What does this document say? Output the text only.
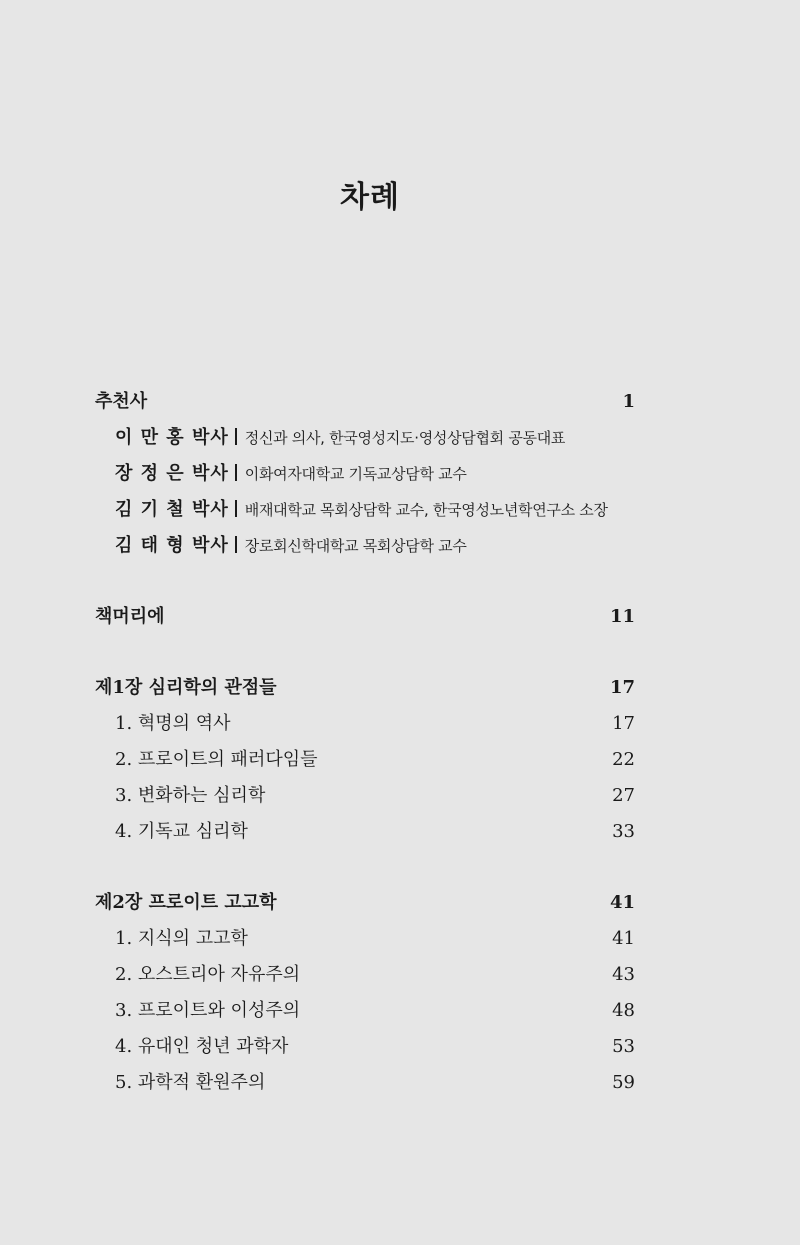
차례
추천사	1
이 만 홍 박사 정신과 의사, 한국영성지도·영성상담협회 공동대표
장 정 은 박사 이화여자대학교 기독교상담학 교수
김 기 철 박사 배재대학교 목회상담학 교수, 한국영성노년학연구소 소장
김 태 형 박사 장로회신학대학교 목회상담학 교수
책머리에	11
제1장 심리학의 관점들	17
1. 혁명의 역사	17
2. 프로이트의 패러다임들	22
3. 변화하는 심리학	27
4. 기독교 심리학	33
제2장 프로이트 고고학	41
1. 지식의 고고학	41
2. 오스트리아 자유주의	43
3. 프로이트와 이성주의	48
4. 유대인 청년 과학자	53
5. 과학적 환원주의	59
